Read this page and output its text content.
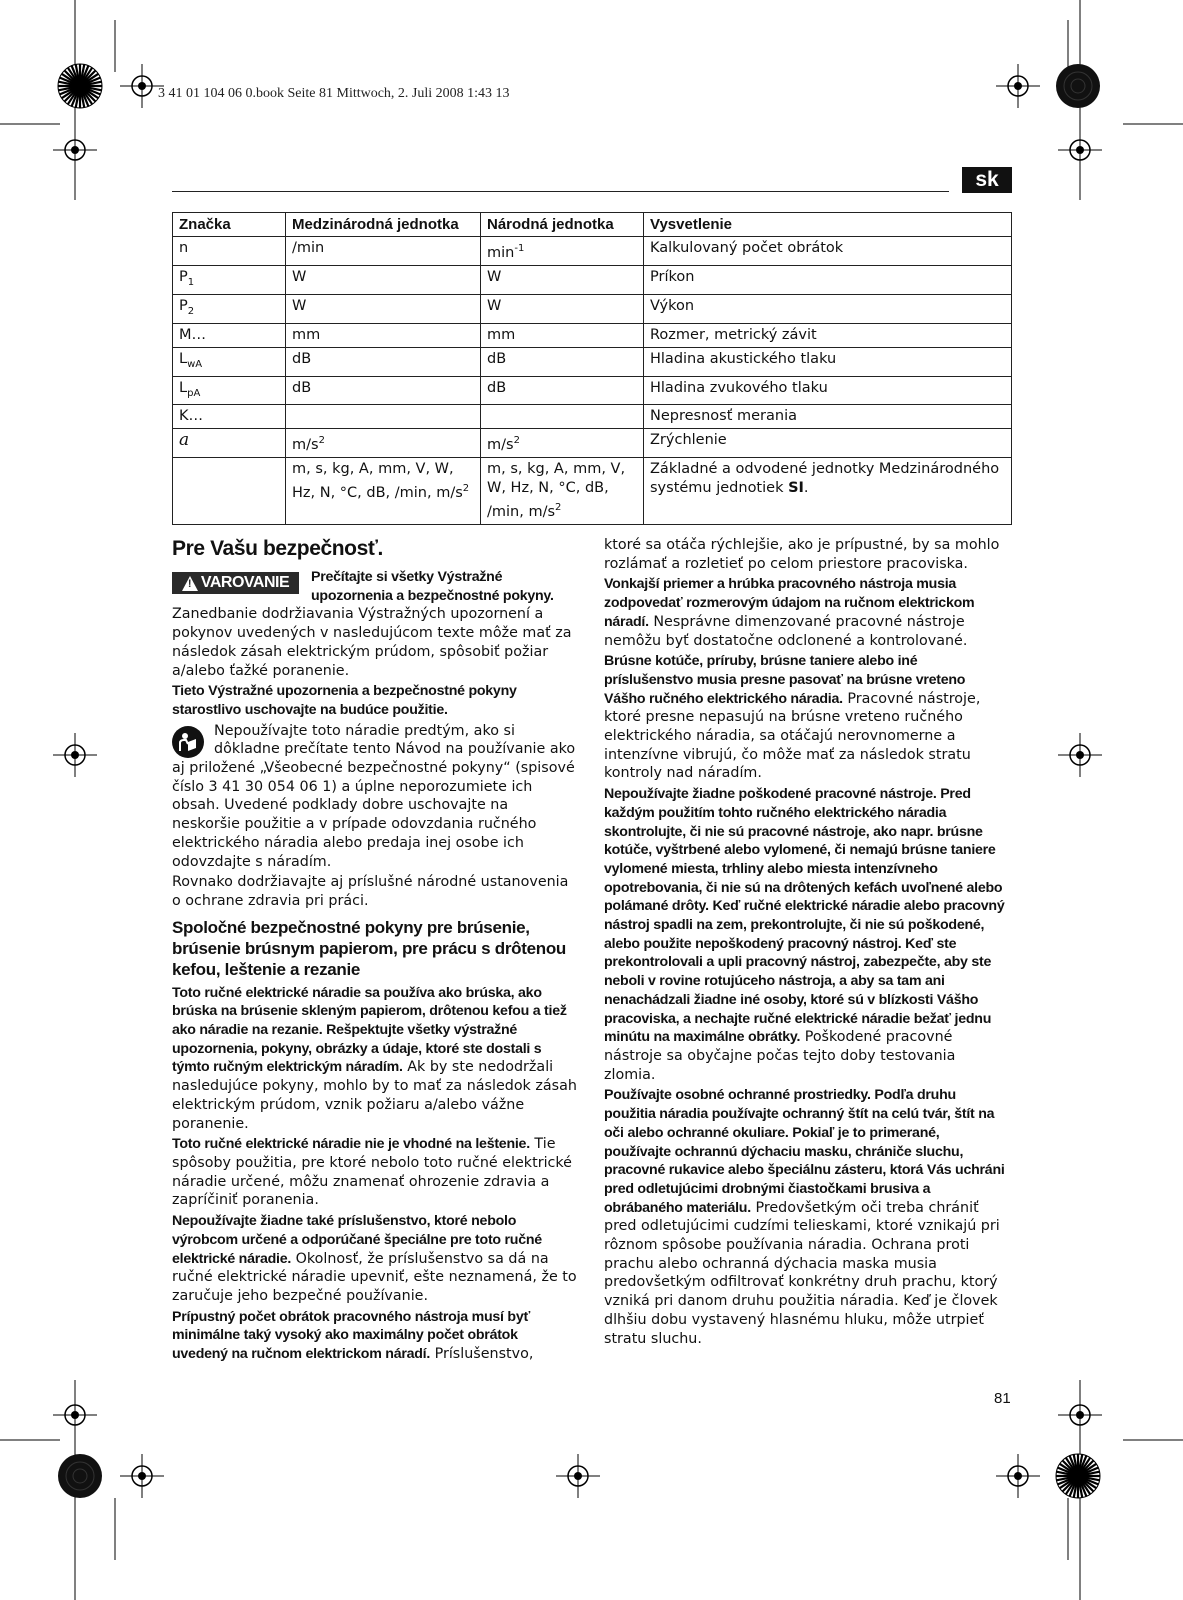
3 41 01 104 06 0.book Seite 81 Mittwoch, 2. Juli 2008 1:43 13
sk
Značka	Medzinárodná jednotka	Národná jednotka	Vysvetlenie
n	/min	$\min^{-1}$	Kalkulovaný počet obrátok
$P_1$	W	W	Príkon
$P_2$	W	W	Výkon
M…	mm	mm	Rozmer, metrický závit
$L_{wA}$	dB	dB	Hladina akustického tlaku
$L_{pA}$	dB	dB	Hladina zvukového tlaku
K…			Nepresnosť merania
a	$m/s^2$	$m/s^2$	Zrýchlenie
	m, s, kg, A, mm, V, W, Hz, N, °C, dB, /min, $m/s^2$	m, s, kg, A, mm, V, W, Hz, N, °C, dB, /min, $m/s^2$	Základné a odvodené jednotky Medzinárodného systému jednotiek SI.
Pre Vašu bezpečnosť.

! VAROVANIE Prečítajte si všetky Výstražné upozornenia a bezpečnostné pokyny. Zanedbanie dodržiavania Výstražných upozornení a pokynov uvedených v nasledujúcom texte môže mať za následok zásah elektrickým prúdom, spôsobiť požiar a/alebo ťažké poranenie.

Tieto Výstražné upozornenia a bezpečnostné pokyny starostlivo uschovajte na budúce použitie.

Nepoužívajte toto náradie predtým, ako si dôkladne prečítate tento Návod na používanie ako aj priložené „Všeobecné bezpečnostné pokyny“ (spisové číslo 3 41 30 054 06 1) a úplne neporozumiete ich obsah. Uvedené podklady dobre uschovajte na neskoršie použitie a v prípade odovzdania ručného elektrického náradia alebo predaja inej osobe ich odovzdajte s náradím.

Rovnako dodržiavajte aj príslušné národné ustanovenia o ochrane zdravia pri práci.

Spoločné bezpečnostné pokyny pre brúsenie, brúsenie brúsnym papierom, pre prácu s drôtenou kefou, leštenie a rezanie

Toto ručné elektrické náradie sa používa ako brúska, ako brúska na brúsenie skleným papierom, drôtenou kefou a tiež ako náradie na rezanie. Rešpektujte všetky výstražné upozornenia, pokyny, obrázky a údaje, ktoré ste dostali s týmto ručným elektrickým náradím. Ak by ste nedodržali nasledujúce pokyny, mohlo by to mať za následok zásah elektrickým prúdom, vznik požiaru a/alebo vážne poranenie.

Toto ručné elektrické náradie nie je vhodné na leštenie. Tie spôsoby použitia, pre ktoré nebolo toto ručné elektrické náradie určené, môžu znamenať ohrozenie zdravia a zapríčiniť poranenia.

Nepoužívajte žiadne také príslušenstvo, ktoré nebolo výrobcom určené a odporúčané špeciálne pre toto ručné elektrické náradie. Okolnosť, že príslušenstvo sa dá na ručné elektrické náradie upevniť, ešte neznamená, že to zaručuje jeho bezpečné používanie.

Prípustný počet obrátok pracovného nástroja musí byť minimálne taký vysoký ako maximálny počet obrátok uvedený na ručnom elektrickom náradí. Príslušenstvo,

ktoré sa otáča rýchlejšie, ako je prípustné, by sa mohlo rozlámať a rozletieť po celom priestore pracoviska.

Vonkajší priemer a hrúbka pracovného nástroja musia zodpovedať rozmerovým údajom na ručnom elektrickom náradí. Nesprávne dimenzované pracovné nástroje nemôžu byť dostatočne odclonené a kontrolované.

Brúsne kotúče, príruby, brúsne taniere alebo iné príslušenstvo musia presne pasovať na brúsne vreteno Vášho ručného elektrického náradia. Pracovné nástroje, ktoré presne nepasujú na brúsne vreteno ručného elektrického náradia, sa otáčajú nerovnomerne a intenzívne vibrujú, čo môže mať za následok stratu kontroly nad náradím.

Nepoužívajte žiadne poškodené pracovné nástroje. Pred každým použitím tohto ručného elektrického náradia skontrolujte, či nie sú pracovné nástroje, ako napr. brúsne kotúče, vyštrbené alebo vylomené, či nemajú brúsne taniere vylomené miesta, trhliny alebo miesta intenzívneho opotrebovania, či nie sú na drôtených kefách uvoľnené alebo polámané drôty. Keď ručné elektrické náradie alebo pracovný nástroj spadli na zem, prekontrolujte, či nie sú poškodené, alebo použite nepoškodený pracovný nástroj. Keď ste prekontrolovali a upli pracovný nástroj, zabezpečte, aby ste neboli v rovine rotujúceho nástroja, a aby sa tam ani nenachádzali žiadne iné osoby, ktoré sú v blízkosti Vášho pracoviska, a nechajte ručné elektrické náradie bežať jednu minútu na maximálne obrátky. Poškodené pracovné nástroje sa obyčajne počas tejto doby testovania zlomia.

Používajte osobné ochranné prostriedky. Podľa druhu použitia náradia používajte ochranný štít na celú tvár, štít na oči alebo ochranné okuliare. Pokiaľ je to primerané, používajte ochrannú dýchaciu masku, chrániče sluchu, pracovné rukavice alebo špeciálnu zásteru, ktorá Vás uchráni pred odletujúcimi drobnými čiastočkami brusiva a obrábaného materiálu. Predovšetkým oči treba chrániť pred odletujúcimi cudzími telieskami, ktoré vznikajú pri rôznom spôsobe používania náradia. Ochrana proti prachu alebo ochranná dýchacia maska musia predovšetkým odfiltrovať konkrétny druh prachu, ktorý vzniká pri danom druhu použitia náradia. Keď je človek dlhšiu dobu vystavený hlasnému hluku, môže utrpieť stratu sluchu.

81
